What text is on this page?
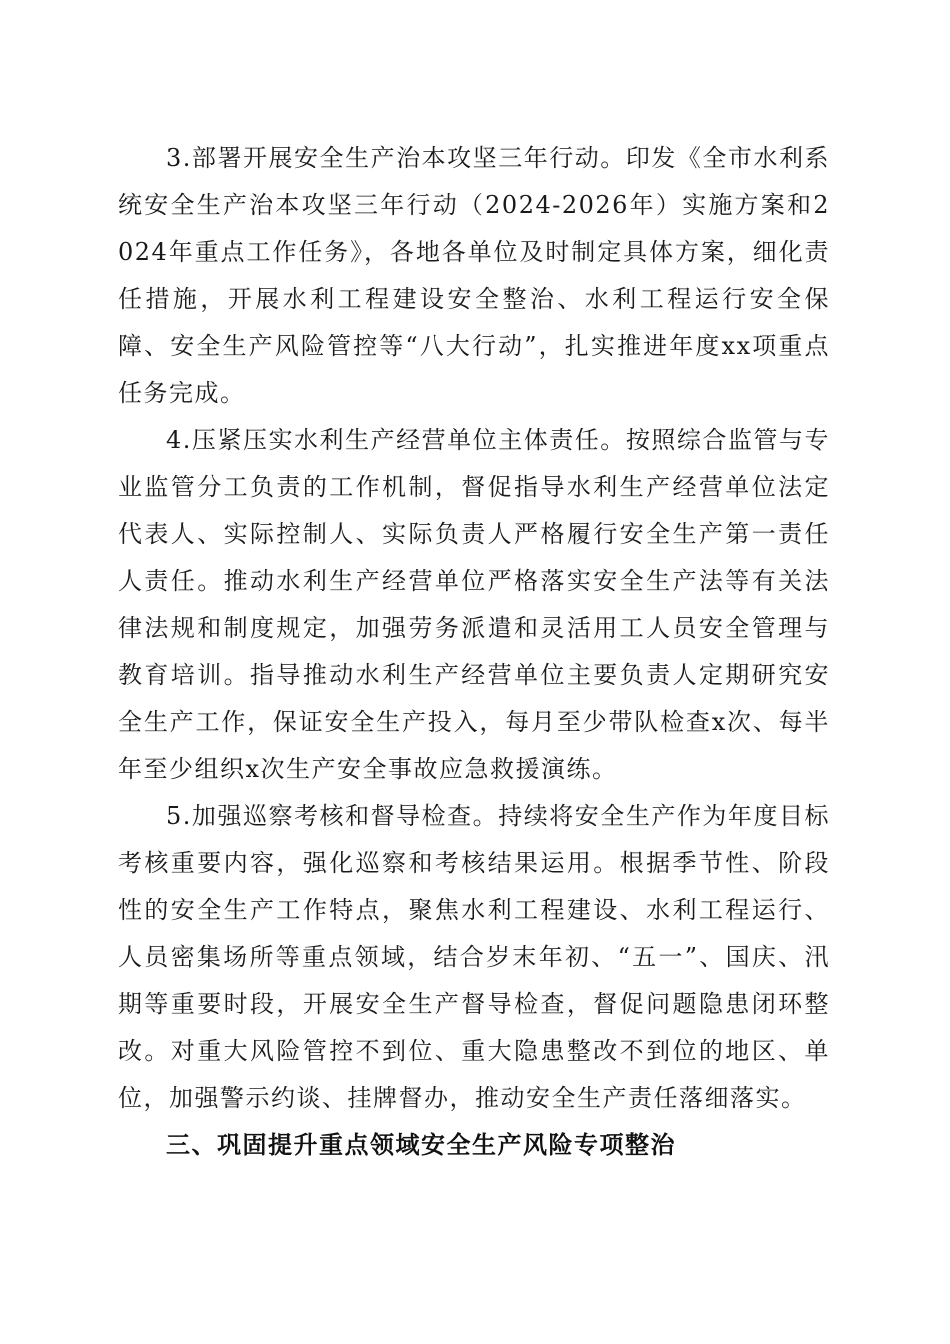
3.部署开展安全生产治本攻坚三年行动。印发《全市水利系统安全生产治本攻坚三年行动（2024-2026年）实施方案和2024年重点工作任务》，各地各单位及时制定具体方案，细化责任措施，开展水利工程建设安全整治、水利工程运行安全保障、安全生产风险管控等“八大行动”，扎实推进年度xx项重点任务完成。

4.压紧压实水利生产经营单位主体责任。按照综合监管与专业监管分工负责的工作机制，督促指导水利生产经营单位法定代表人、实际控制人、实际负责人严格履行安全生产第一责任人责任。推动水利生产经营单位严格落实安全生产法等有关法律法规和制度规定，加强劳务派遣和灵活用工人员安全管理与教育培训。指导推动水利生产经营单位主要负责人定期研究安全生产工作，保证安全生产投入，每月至少带队检查x次、每半年至少组织x次生产安全事故应急救援演练。

5.加强巡察考核和督导检查。持续将安全生产作为年度目标考核重要内容，强化巡察和考核结果运用。根据季节性、阶段性的安全生产工作特点，聚焦水利工程建设、水利工程运行、人员密集场所等重点领域，结合岁末年初、“五一”、国庆、汛期等重要时段，开展安全生产督导检查，督促问题隐患闭环整改。对重大风险管控不到位、重大隐患整改不到位的地区、单位，加强警示约谈、挂牌督办，推动安全生产责任落细落实。

三、巩固提升重点领域安全生产风险专项整治
